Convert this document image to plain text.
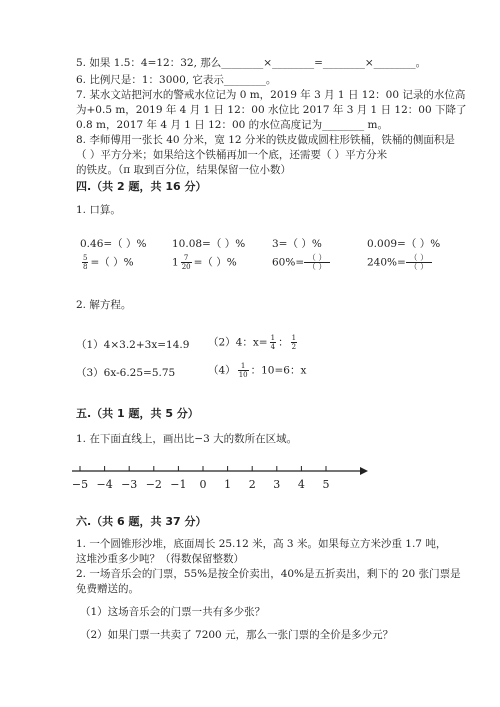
5. 如果 1.5：4=12：32, 那么________×________=________×________。
6. 比例尺是：1：3000, 它表示________。
7. 某水文站把河水的警戒水位记为 0 m，2019 年 3 月 1 日 12：00 记录的水位高
为+0.5 m，2019 年 4 月 1 日 12：00 水位比 2017 年 3 月 1 日 12：00 下降了
0.8 m，2017 年 4 月 1 日 12：00 的水位高度记为________ m。
8. 李师傅用一张长 40 分米，宽 12 分米的铁皮做成圆柱形铁桶，铁桶的侧面积是
（ ）平方分米；如果给这个铁桶再加一个底，还需要（ ）平方分米
的铁皮。（π 取到百分位，结果保留一位小数）
四.（共 2 题，共 16 分）
1. 口算。
0.46=（ ）% 10.08=（ ）%	3=（ ）%	0.009=（ ）%
$\frac{5}{8}$ =（ ）%	$1 \frac{7}{20}$ =（ ）%	$60\%= \frac{( )}{( )}$	$240\%= \frac{( )}{( )}$
2. 解方程。
（1）4×3.2+3x=14.9 （2）4：$x= \frac{1}{4}$ ： $\frac{1}{2}$
（3）6x-6.25=5.75	$(4) \frac{1}{10}$ ：10=6：x
五.（共 1 题，共 5 分）
1. 在下面直线上，画出比−3 大的数所在区域。
−5 −4 −3 −2 −1 0 1 2 3 4 5
六.（共 6 题，共 37 分）
1. 一个圆锥形沙堆，底面周长 25.12 米，高 3 米。如果每立方米沙重 1.7 吨，
这堆沙重多少吨？（得数保留整数）
2. 一场音乐会的门票，55%是按全价卖出，40%是五折卖出，剩下的 20 张门票是
免费赠送的。
（1）这场音乐会的门票一共有多少张？
（2）如果门票一共卖了 7200 元，那么一张门票的全价是多少元？
